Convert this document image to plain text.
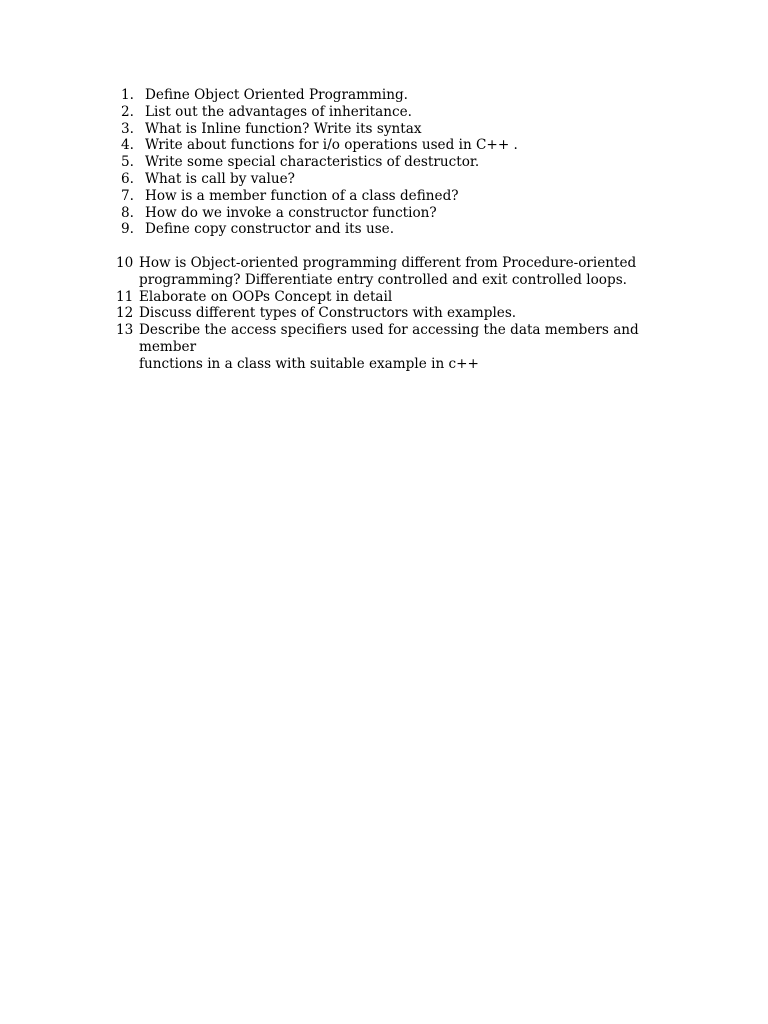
1. Define Object Oriented Programming.
2. List out the advantages of inheritance.
3. What is Inline function? Write its syntax
4. Write about functions for i/o operations used in C++ .
5. Write some special characteristics of destructor.
6. What is call by value?
7. How is a member function of a class defined?
8. How do we invoke a constructor function?
9. Define copy constructor and its use.
10 How is Object-oriented programming different from Procedure-oriented
programming? Differentiate entry controlled and exit controlled loops.
11 Elaborate on OOPs Concept in detail
12 Discuss different types of Constructors with examples.
13 Describe the access specifiers used for accessing the data members and member
functions in a class with suitable example in c++
